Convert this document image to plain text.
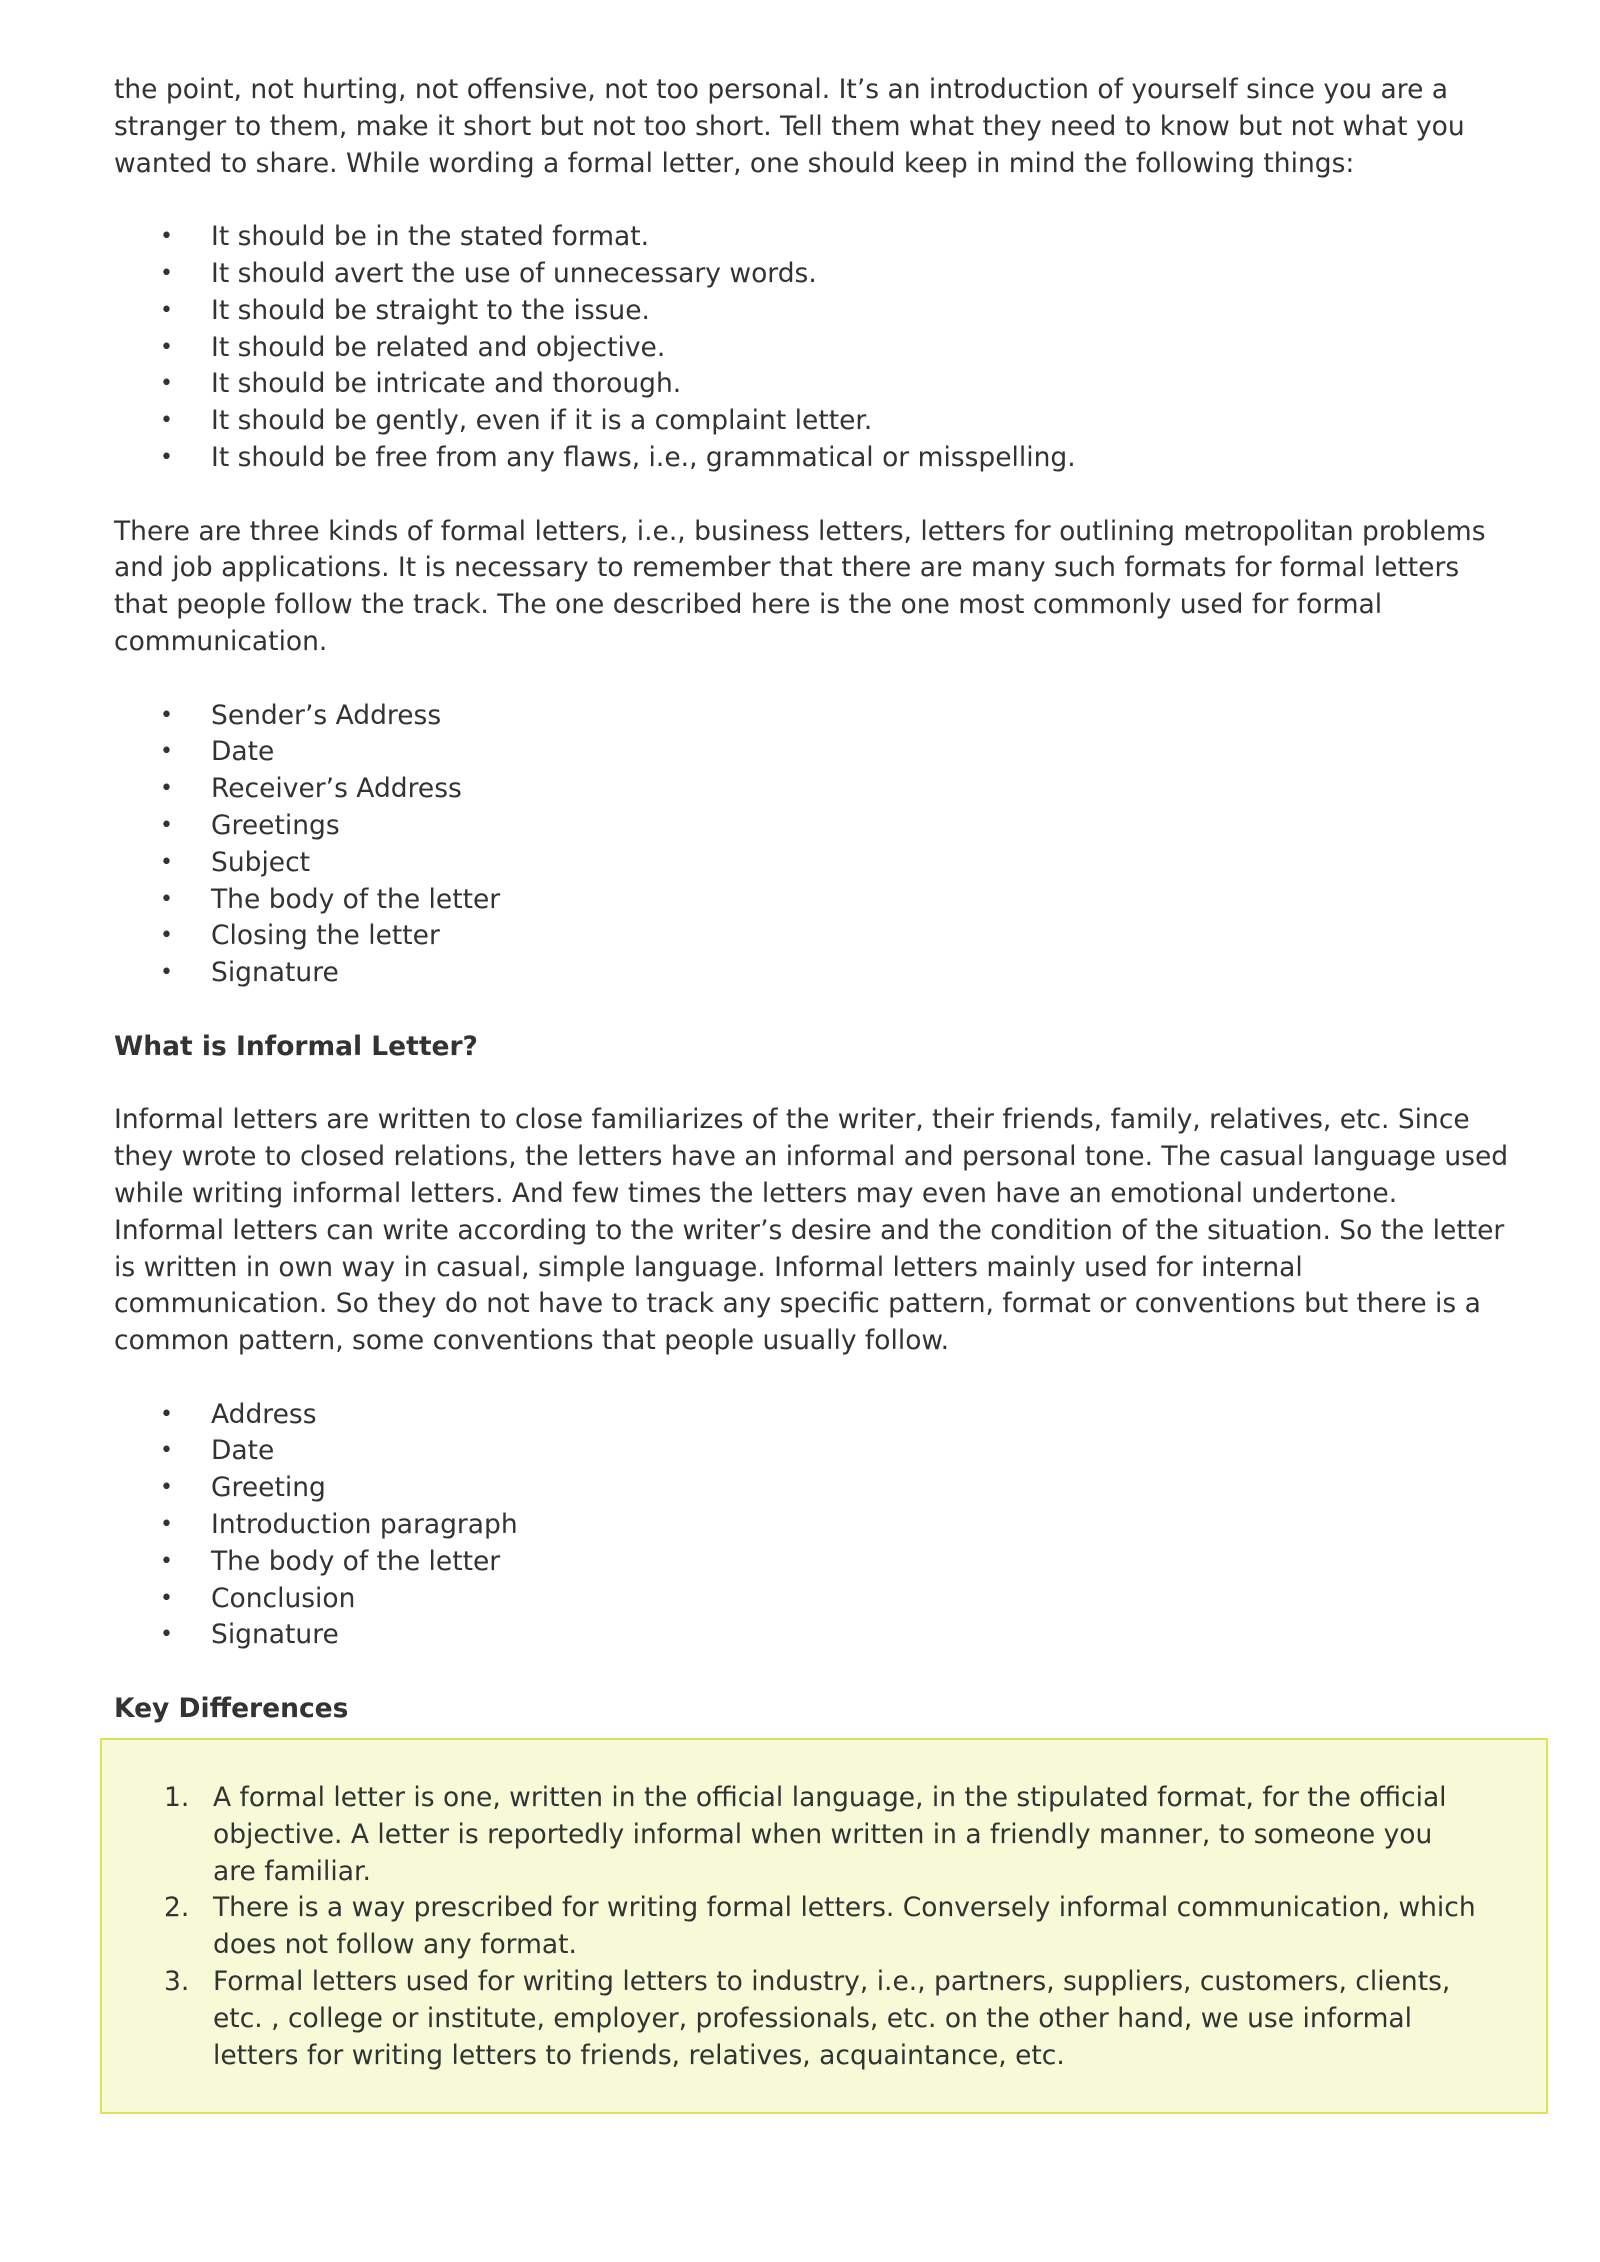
the point, not hurting, not offensive, not too personal. It’s an introduction of yourself since you are a stranger to them, make it short but not too short. Tell them what they need to know but not what you wanted to share. While wording a formal letter, one should keep in mind the following things:

• It should be in the stated format.
• It should avert the use of unnecessary words.
• It should be straight to the issue.
• It should be related and objective.
• It should be intricate and thorough.
• It should be gently, even if it is a complaint letter.
• It should be free from any flaws, i.e., grammatical or misspelling.

There are three kinds of formal letters, i.e., business letters, letters for outlining metropolitan problems and job applications. It is necessary to remember that there are many such formats for formal letters that people follow the track. The one described here is the one most commonly used for formal communication.

• Sender’s Address
• Date
• Receiver’s Address
• Greetings
• Subject
• The body of the letter
• Closing the letter
• Signature
What is Informal Letter?

Informal letters are written to close familiarizes of the writer, their friends, family, relatives, etc. Since they wrote to closed relations, the letters have an informal and personal tone. The casual language used while writing informal letters. And few times the letters may even have an emotional undertone. Informal letters can write according to the writer’s desire and the condition of the situation. So the letter is written in own way in casual, simple language. Informal letters mainly used for internal communication. So they do not have to track any specific pattern, format or conventions but there is a common pattern, some conventions that people usually follow.

• Address
• Date
• Greeting
• Introduction paragraph
• The body of the letter
• Conclusion
• Signature
Key Differences
1. A formal letter is one, written in the official language, in the stipulated format, for the official objective. A letter is reportedly informal when written in a friendly manner, to someone you are familiar.
2. There is a way prescribed for writing formal letters. Conversely informal communication, which does not follow any format.
3. Formal letters used for writing letters to industry, i.e., partners, suppliers, customers, clients, etc. , college or institute, employer, professionals, etc. on the other hand, we use informal letters for writing letters to friends, relatives, acquaintance, etc.
